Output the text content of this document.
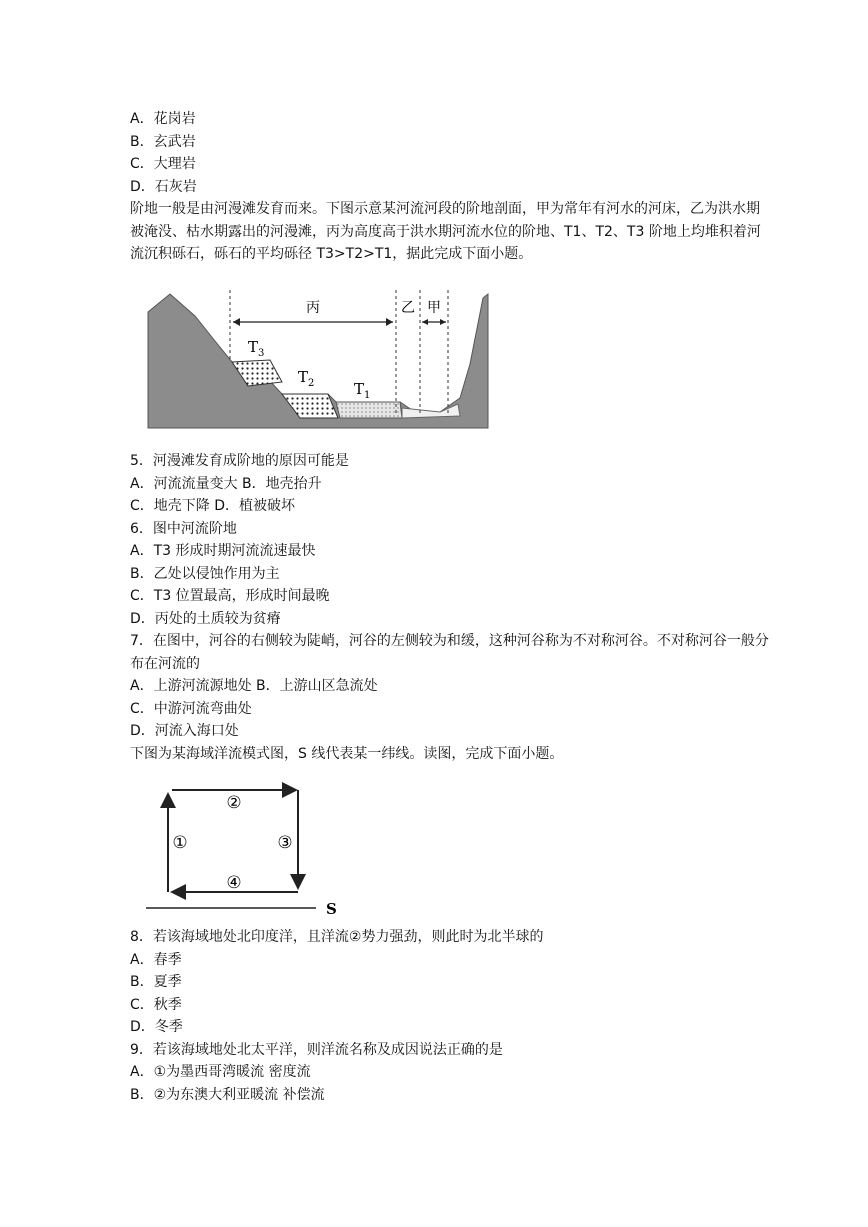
A．花岗岩
B．玄武岩
C．大理岩
D．石灰岩
阶地一般是由河漫滩发育而来。下图示意某河流河段的阶地剖面，甲为常年有河水的河床，乙为洪水期被淹没、枯水期露出的河漫滩，丙为高度高于洪水期河流水位的阶地、T1、T2、T3 阶地上均堆积着河流沉积砾石，砾石的平均砾径 T3>T2>T1，据此完成下面小题。
丙	乙 甲
$T_3$
$T_2$	$T_1$
5．河漫滩发育成阶地的原因可能是
A．河流流量变大 B．地壳抬升
C．地壳下降 D．植被破坏
6．图中河流阶地
A．T3 形成时期河流流速最快
B．乙处以侵蚀作用为主
C．T3 位置最高，形成时间最晚
D．丙处的土质较为贫瘠
7．在图中，河谷的右侧较为陡峭，河谷的左侧较为和缓，这种河谷称为不对称河谷。不对称河谷一般分布在河流的
A．上游河流源地处 B．上游山区急流处
C．中游河流弯曲处
D．河流入海口处
下图为某海域洋流模式图，S 线代表某一纬线。读图，完成下面小题。
S
②
①	③
④
8．若该海域地处北印度洋，且洋流②势力强劲，则此时为北半球的
A．春季
B．夏季
C．秋季
D．冬季
9．若该海域地处北太平洋，则洋流名称及成因说法正确的是
A．①为墨西哥湾暖流 密度流
B．②为东澳大利亚暖流 补偿流
